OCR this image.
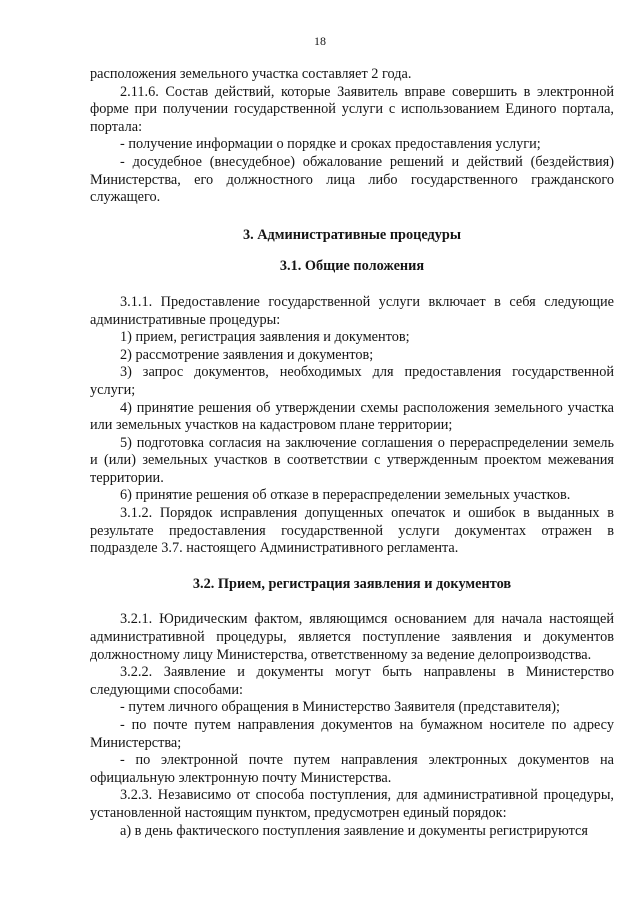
18

расположения земельного участка составляет 2 года.

2.11.6. Состав действий, которые Заявитель вправе совершить в электронной форме при получении государственной услуги с использованием Единого портала, портала:

- получение информации о порядке и сроках предоставления услуги;

- досудебное (внесудебное) обжалование решений и действий (бездействия) Министерства, его должностного лица либо государственного гражданского служащего.

3. Административные процедуры

3.1. Общие положения

3.1.1. Предоставление государственной услуги включает в себя следующие административные процедуры:

1) прием, регистрация заявления и документов;

2) рассмотрение заявления и документов;

3) запрос документов, необходимых для предоставления государственной услуги;

4) принятие решения об утверждении схемы расположения земельного участка или земельных участков на кадастровом плане территории;

5) подготовка согласия на заключение соглашения о перераспределении земель и (или) земельных участков в соответствии с утвержденным проектом межевания территории.

6) принятие решения об отказе в перераспределении земельных участков.

3.1.2. Порядок исправления допущенных опечаток и ошибок в выданных в результате предоставления государственной услуги документах отражен в подразделе 3.7. настоящего Административного регламента.

3.2. Прием, регистрация заявления и документов

3.2.1. Юридическим фактом, являющимся основанием для начала настоящей административной процедуры, является поступление заявления и документов должностному лицу Министерства, ответственному за ведение делопроизводства.

3.2.2. Заявление и документы могут быть направлены в Министерство следующими способами:

- путем личного обращения в Министерство Заявителя (представителя);

- по почте путем направления документов на бумажном носителе по адресу Министерства;

- по электронной почте путем направления электронных документов на официальную электронную почту Министерства.

3.2.3. Независимо от способа поступления, для административной процедуры, установленной настоящим пунктом, предусмотрен единый порядок:

а) в день фактического поступления заявление и документы регистрируются
